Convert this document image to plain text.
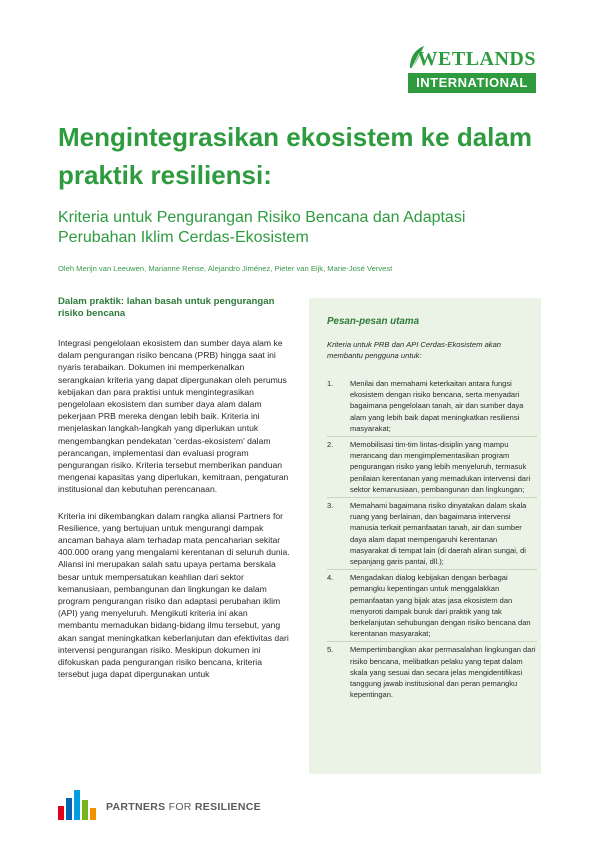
WETLANDS
INTERNATIONAL
Mengintegrasikan ekosistem ke dalam praktik resiliensi:

Kriteria untuk Pengurangan Risiko Bencana dan Adaptasi Perubahan Iklim Cerdas-Ekosistem

Oleh Merijn van Leeuwen, Marianne Rense, Alejandro Jiménez, Pieter van Eijk, Marie-José Vervest

Dalam praktik: lahan basah untuk pengurangan risiko bencana

Integrasi pengelolaan ekosistem dan sumber daya alam ke dalam pengurangan risiko bencana (PRB) hingga saat ini nyaris terabaikan. Dokumen ini memperkenalkan serangkaian kriteria yang dapat dipergunakan oleh perumus kebijakan dan para praktisi untuk mengintegrasikan pengelolaan ekosistem dan sumber daya alam dalam pekerjaan PRB mereka dengan lebih baik. Kriteria ini menjelaskan langkah-langkah yang diperlukan untuk mengembangkan pendekatan 'cerdas-ekosistem' dalam perancangan, implementasi dan evaluasi program pengurangan risiko. Kriteria tersebut memberikan panduan mengenai kapasitas yang diperlukan, kemitraan, pengaturan institusional dan kebutuhan perencanaan.

Kriteria ini dikembangkan dalam rangka aliansi Partners for Resilience, yang bertujuan untuk mengurangi dampak ancaman bahaya alam terhadap mata pencaharian sekitar 400.000 orang yang mengalami kerentanan di seluruh dunia. Aliansi ini merupakan salah satu upaya pertama berskala besar untuk mempersatukan keahlian dari sektor kemanusiaan, pembangunan dan lingkungan ke dalam program pengurangan risiko dan adaptasi perubahan iklim (API) yang menyeluruh. Mengikuti kriteria ini akan membantu memadukan bidang-bidang ilmu tersebut, yang akan sangat meningkatkan keberlanjutan dan efektivitas dari intervensi pengurangan risiko. Meskipun dokumen ini difokuskan pada pengurangan risiko bencana, kriteria tersebut juga dapat dipergunakan untuk

Pesan-pesan utama

Kriteria untuk PRB dan API Cerdas-Ekosistem akan membantu pengguna untuk:

1. Menilai dan memahami keterkaitan antara fungsi ekosistem dengan risiko bencana, serta menyadari bagaimana pengelolaan tanah, air dan sumber daya alam yang lebih baik dapat meningkatkan resiliensi masyarakat;
2. Memobilisasi tim-tim lintas-disiplin yang mampu merancang dan mengimplementasikan program pengurangan risiko yang lebih menyeluruh, termasuk penilaian kerentanan yang memadukan intervensi dari sektor kemanusiaan, pembangunan dan lingkungan;
3. Memahami bagaimana risiko dinyatakan dalam skala ruang yang berlainan, dan bagaimana intervensi manusia terkait pemanfaatan tanah, air dan sumber daya alam dapat mempengaruhi kerentanan masyarakat di tempat lain (di daerah aliran sungai, di sepanjang garis pantai, dll.);
4. Mengadakan dialog kebijakan dengan berbagai pemangku kepentingan untuk menggalakkan pemanfaatan yang bijak atas jasa ekosistem dan menyoroti dampak buruk dari praktik yang tak berkelanjutan sehubungan dengan risiko bencana dan kerentanan masyarakat;
5. Mempertimbangkan akar permasalahan lingkungan dari risiko bencana, melibatkan pelaku yang tepat dalam skala yang sesuai dan secara jelas mengidentifikasi tanggung jawab institusional dan peran pemangku kepentingan.
PARTNERS FOR RESILIENCE
